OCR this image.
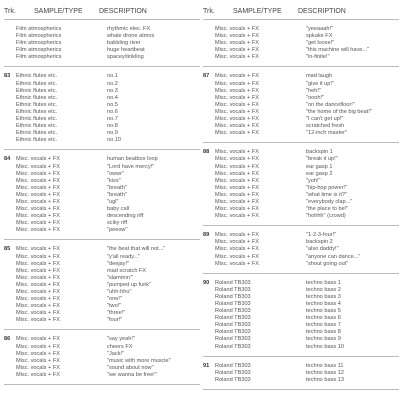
Trk.	SAMPLE/TYPE DESCRIPTION
Film atmospherics	rhythmic elec. FX
Film atmospherics	whale drone atmos
Film atmospherics	babbling river
Film atmospherics	huge heartbeat
Film atmospherics	spacey/tinkling
83	Ethnic flutes etc.	no.1
Ethnic flutes etc.	no.2
Ethnic flutes etc.	no.3
Ethnic flutes etc.	no.4
Ethnic flutes etc.	no.5
Ethnic flutes etc.	no.6
Ethnic flutes etc.	no.7
Ethnic flutes etc.	no.8
Ethnic flutes etc.	no.9
Ethnic flutes etc.	no.10
84	Misc. vocals + FX	human beatbox loop
Misc. vocals + FX	"Lord have mercy!"
Misc. vocals + FX	"owwr"
Misc. vocals + FX	"kiss"
Misc. vocals + FX	"breath"
Misc. vocals + FX	"breath"
Misc. vocals + FX	"ugl"
Misc. vocals + FX	baby call
Misc. vocals + FX	descending riff
Misc. vocals + FX	sciky riff
Misc. vocals + FX	"peeow"
85	Misc. vocals + FX	"the beat that will not..."
Misc. vocals + FX	"y'all ready..."
Misc. vocals + FX	"deejay!"
Misc. vocals + FX	mad scratch FX
Misc. vocals + FX	"slammin'"
Misc. vocals + FX	"pumped up funk"
Misc. vocals + FX	"uhh-hhu"
Misc. vocals + FX	"one!"
Misc. vocals + FX	"two!"
Misc. vocals + FX	"three!"
Misc. vocals + FX	"four!"
86	Misc. vocals + FX	"say yeah!"
Misc. vocals + FX	cheers FX
Misc. vocals + FX	"Jack!"
Misc. vocals + FX	"music with more muscle"
Misc. vocals + FX	"sound about now"
Misc. vocals + FX	"we wanna be free!"
Trk.	SAMPLE/TYPE DESCRIPTION
Misc. vocals + FX	"yeeaaah!"
Misc. vocals + FX	spkake FX
Misc. vocals + FX	"get loose!"
Misc. vocals + FX	"this machine will have..."
Misc. vocals + FX	"in-finite!"
87	Misc. vocals + FX	mad laugh
Misc. vocals + FX	"give it up!"
Misc. vocals + FX	"heh!"
Misc. vocals + FX	"oooh!"
Misc. vocals + FX	"on the dancefloor!"
Misc. vocals + FX	"the home of the big beat!"
Misc. vocals + FX	"I can't get up!"
Misc. vocals + FX	scratched fresh
Misc. vocals + FX	"12-inch master"
88	Misc. vocals + FX	backspin 1
Misc. vocals + FX	"break it up!"
Misc. vocals + FX	ear gasp 1
Misc. vocals + FX	ear gasp 2
Misc. vocals + FX	"yoh!"
Misc. vocals + FX	"hip-hop power!"
Misc. vocals + FX	"what time is it?"
Misc. vocals + FX	"everybody clap..."
Misc. vocals + FX	"the place to be!"
Misc. vocals + FX	"hohhh" (crowd)
89	Misc. vocals + FX	"1-2-3-four!"
Misc. vocals + FX	backspin 2
Misc. vocals + FX	"also daddy!"
Misc. vocals + FX	"anyone can dance..."
Misc. vocals + FX	"shout going out"
90	Roland TB303	techno bass 1
Roland TB303	techno bass 2
Roland TB303	techno bass 3
Roland TB303	techno bass 4
Roland TB303	techno bass 5
Roland TB303	techno bass 6
Roland TB303	techno bass 7
Roland TB303	techno bass 8
Roland TB303	techno bass 9
Roland TB303	techno bass 10
91	Roland TB303	techno bass 11
Roland TB303	techno bass 12
Roland TB303	techno bass 13
